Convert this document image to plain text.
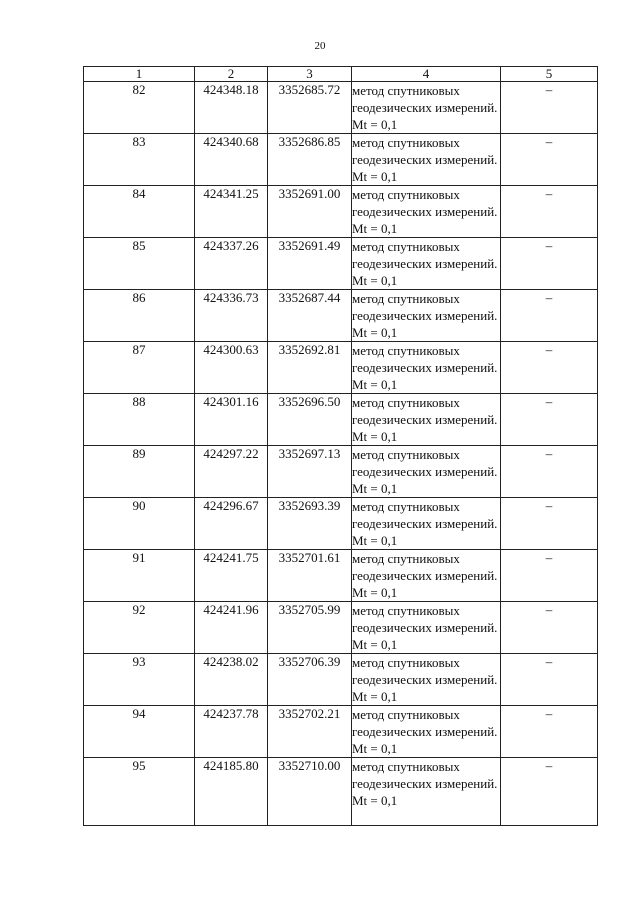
20
1	2	3	4	5
82	424348.18	3352685.72	метод спутниковых геодезических измерений. Mt = 0,1	–
83	424340.68	3352686.85	метод спутниковых геодезических измерений. Mt = 0,1	–
84	424341.25	3352691.00	метод спутниковых геодезических измерений. Mt = 0,1	–
85	424337.26	3352691.49	метод спутниковых геодезических измерений. Mt = 0,1	–
86	424336.73	3352687.44	метод спутниковых геодезических измерений. Mt = 0,1	–
87	424300.63	3352692.81	метод спутниковых геодезических измерений. Mt = 0,1	–
88	424301.16	3352696.50	метод спутниковых геодезических измерений. Mt = 0,1	–
89	424297.22	3352697.13	метод спутниковых геодезических измерений. Mt = 0,1	–
90	424296.67	3352693.39	метод спутниковых геодезических измерений. Mt = 0,1	–
91	424241.75	3352701.61	метод спутниковых геодезических измерений. Mt = 0,1	–
92	424241.96	3352705.99	метод спутниковых геодезических измерений. Mt = 0,1	–
93	424238.02	3352706.39	метод спутниковых геодезических измерений. Mt = 0,1	–
94	424237.78	3352702.21	метод спутниковых геодезических измерений. Mt = 0,1	–
95	424185.80	3352710.00	метод спутниковых геодезических измерений. Mt = 0,1	–
